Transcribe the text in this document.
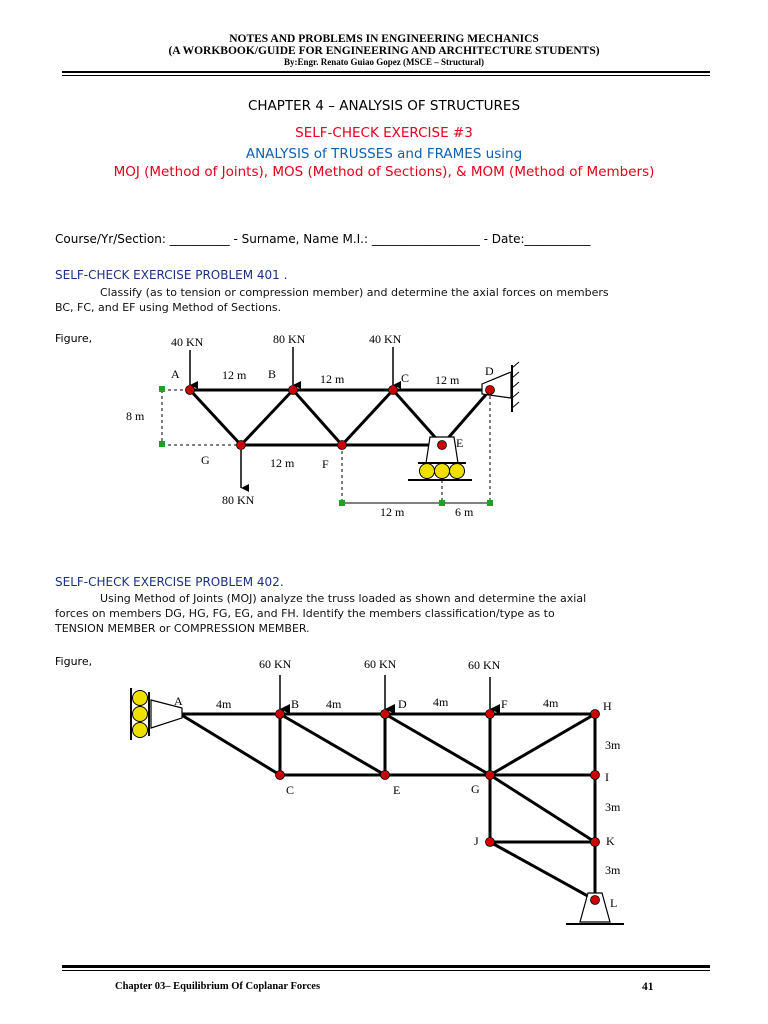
NOTES AND PROBLEMS IN ENGINEERING MECHANICS
(A WORKBOOK/GUIDE FOR ENGINEERING AND ARCHITECTURE STUDENTS)
By:Engr. Renato Guiao Gopez (MSCE – Structural)
CHAPTER 4 – ANALYSIS OF STRUCTURES
SELF-CHECK EXERCISE #3
ANALYSIS of TRUSSES and FRAMES using
MOJ (Method of Joints), MOS (Method of Sections), & MOM (Method of Members)
Course/Yr/Section: __________ - Surname, Name M.I.: __________________ - Date:___________
SELF-CHECK EXERCISE PROBLEM 401 .
Classify (as to tension or compression member) and determine the axial forces on members
BC, FC, and EF using Method of Sections.
Figure,	40 KN	80 KN	40 KN
80 KN
A	B	C	D
E
F
G
12 m	12 m	12 m
8 m
12 m
12 m	6 m
SELF-CHECK EXERCISE PROBLEM 402.
Using Method of Joints (MOJ) analyze the truss loaded as shown and determine the axial
forces on members DG, HG, FG, EG, and FH. Identify the members classification/type as to
TENSION MEMBER or COMPRESSION MEMBER.
Figure,	60 KN	60 KN	60 KN
A	B
C
D
E
F
G
H
I
J	K
L
4m	4m	4m	4m
3m
3m
3m
Chapter 03– Equilibrium Of Coplanar Forces	41
